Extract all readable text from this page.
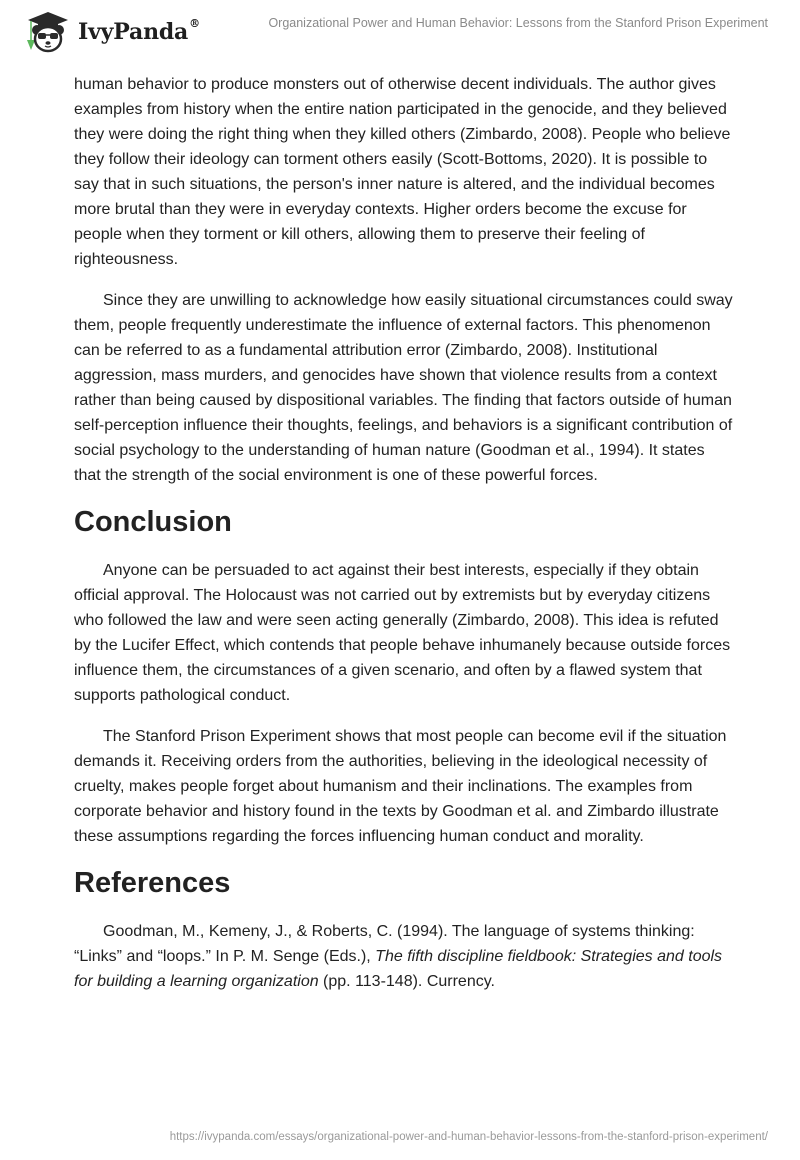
IvyPanda®	Organizational Power and Human Behavior: Lessons from the Stanford Prison Experiment

human behavior to produce monsters out of otherwise decent individuals. The author gives examples from history when the entire nation participated in the genocide, and they believed they were doing the right thing when they killed others (Zimbardo, 2008). People who believe they follow their ideology can torment others easily (Scott-Bottoms, 2020). It is possible to say that in such situations, the person's inner nature is altered, and the individual becomes more brutal than they were in everyday contexts. Higher orders become the excuse for people when they torment or kill others, allowing them to preserve their feeling of righteousness.

Since they are unwilling to acknowledge how easily situational circumstances could sway them, people frequently underestimate the influence of external factors. This phenomenon can be referred to as a fundamental attribution error (Zimbardo, 2008). Institutional aggression, mass murders, and genocides have shown that violence results from a context rather than being caused by dispositional variables. The finding that factors outside of human self-perception influence their thoughts, feelings, and behaviors is a significant contribution of social psychology to the understanding of human nature (Goodman et al., 1994). It states that the strength of the social environment is one of these powerful forces.

Conclusion

Anyone can be persuaded to act against their best interests, especially if they obtain official approval. The Holocaust was not carried out by extremists but by everyday citizens who followed the law and were seen acting generally (Zimbardo, 2008). This idea is refuted by the Lucifer Effect, which contends that people behave inhumanely because outside forces influence them, the circumstances of a given scenario, and often by a flawed system that supports pathological conduct.

The Stanford Prison Experiment shows that most people can become evil if the situation demands it. Receiving orders from the authorities, believing in the ideological necessity of cruelty, makes people forget about humanism and their inclinations. The examples from corporate behavior and history found in the texts by Goodman et al. and Zimbardo illustrate these assumptions regarding the forces influencing human conduct and morality.

References

Goodman, M., Kemeny, J., & Roberts, C. (1994). The language of systems thinking: “Links” and “loops.” In P. M. Senge (Eds.), The fifth discipline fieldbook: Strategies and tools for building a learning organization (pp. 113-148). Currency.

https://ivypanda.com/essays/organizational-power-and-human-behavior-lessons-from-the-stanford-prison-experiment/
